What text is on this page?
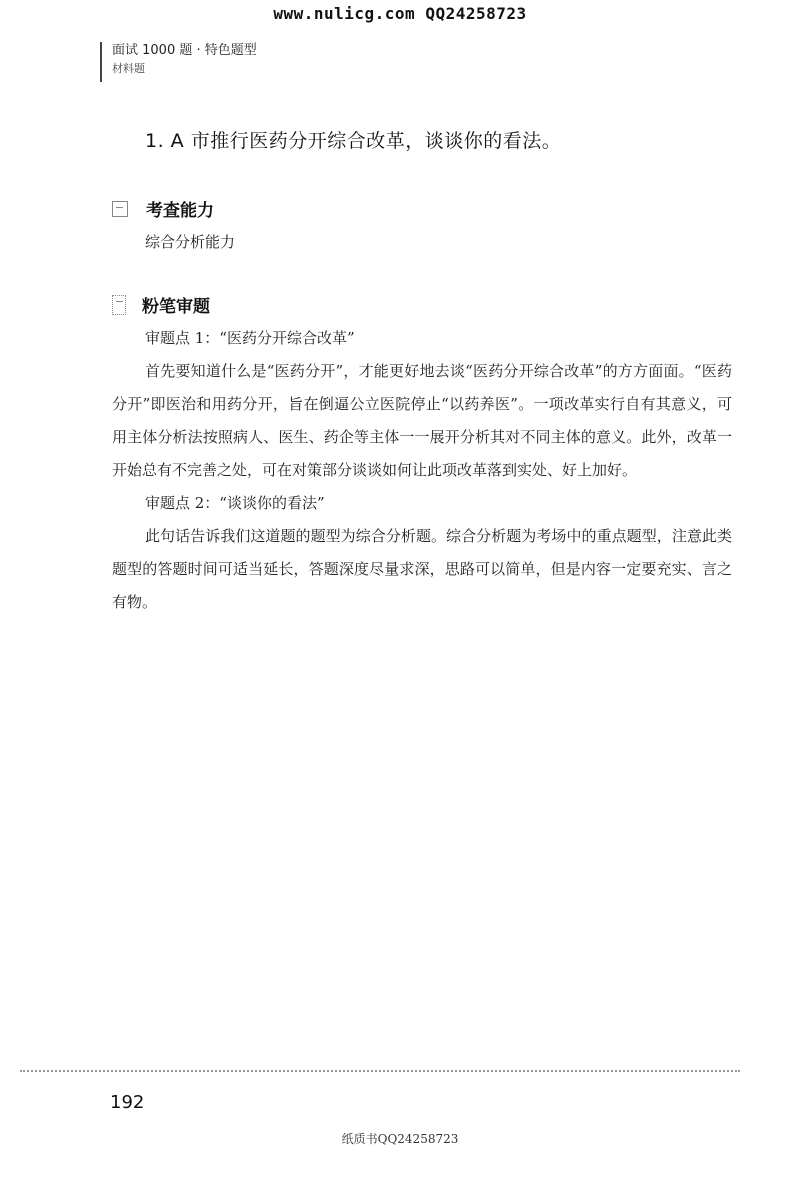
www.nulicg.com QQ24258723
面试 1000 题 · 特色题型
材料题
1. A 市推行医药分开综合改革，谈谈你的看法。
考查能力

综合分析能力

粉笔审题

审题点 1：“医药分开综合改革”

首先要知道什么是“医药分开”，才能更好地去谈“医药分开综合改革”的方方面面。“医药分开”即医治和用药分开，旨在倒逼公立医院停止“以药养医”。一项改革实行自有其意义，可用主体分析法按照病人、医生、药企等主体一一展开分析其对不同主体的意义。此外，改革一开始总有不完善之处，可在对策部分谈谈如何让此项改革落到实处、好上加好。

审题点 2：“谈谈你的看法”

此句话告诉我们这道题的题型为综合分析题。综合分析题为考场中的重点题型，注意此类题型的答题时间可适当延长，答题深度尽量求深，思路可以简单，但是内容一定要充实、言之有物。

192
纸质书QQ24258723
